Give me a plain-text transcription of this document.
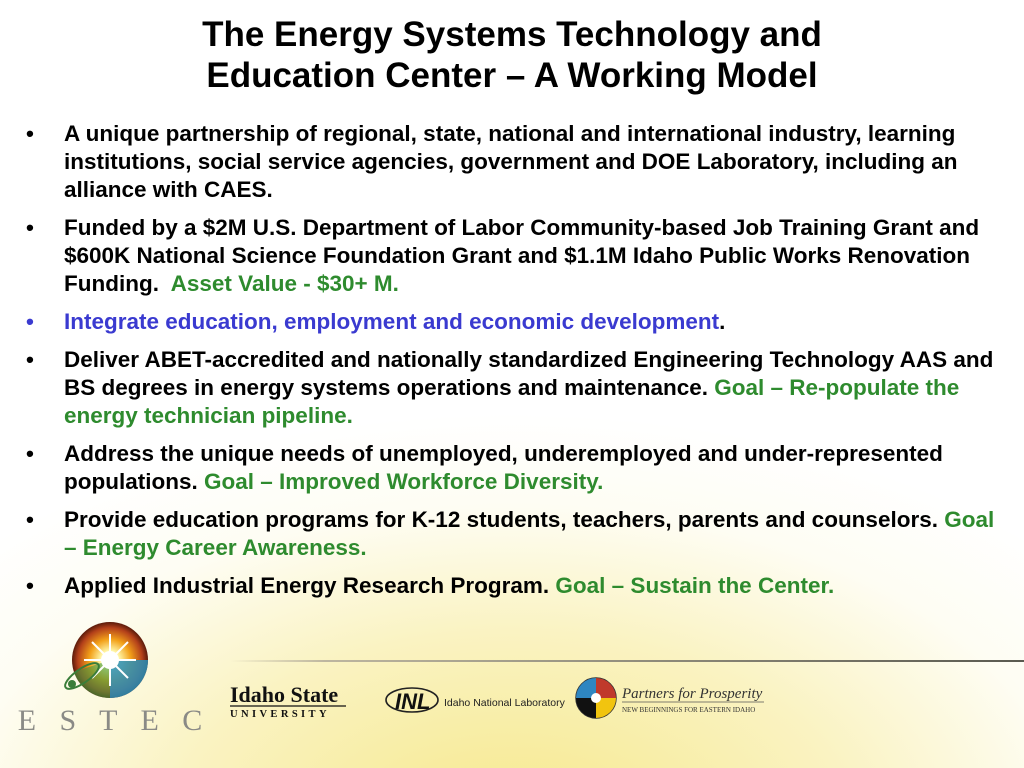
The Energy Systems Technology and
Education Center – A Working Model
• A unique partnership of regional, state, national and international industry, learning institutions, social service agencies, government and DOE Laboratory, including an alliance with CAES.
• Funded by a $2M U.S. Department of Labor Community-based Job Training Grant and $600K National Science Foundation Grant and $1.1M Idaho Public Works Renovation Funding. Asset Value - $30+ M.
• Integrate education, employment and economic development.
• Deliver ABET-accredited and nationally standardized Engineering Technology AAS and BS degrees in energy systems operations and maintenance. Goal – Re-populate the energy technician pipeline.
• Address the unique needs of unemployed, underemployed and under-represented populations. Goal – Improved Workforce Diversity.
• Provide education programs for K-12 students, teachers, parents and counselors. Goal – Energy Career Awareness.
• Applied Industrial Energy Research Program. Goal – Sustain the Center.
E S T E C
Idaho State
UNIVERSITY
INL Idaho National Laboratory
Partners for Prosperity
NEW BEGINNINGS FOR EASTERN IDAHO
